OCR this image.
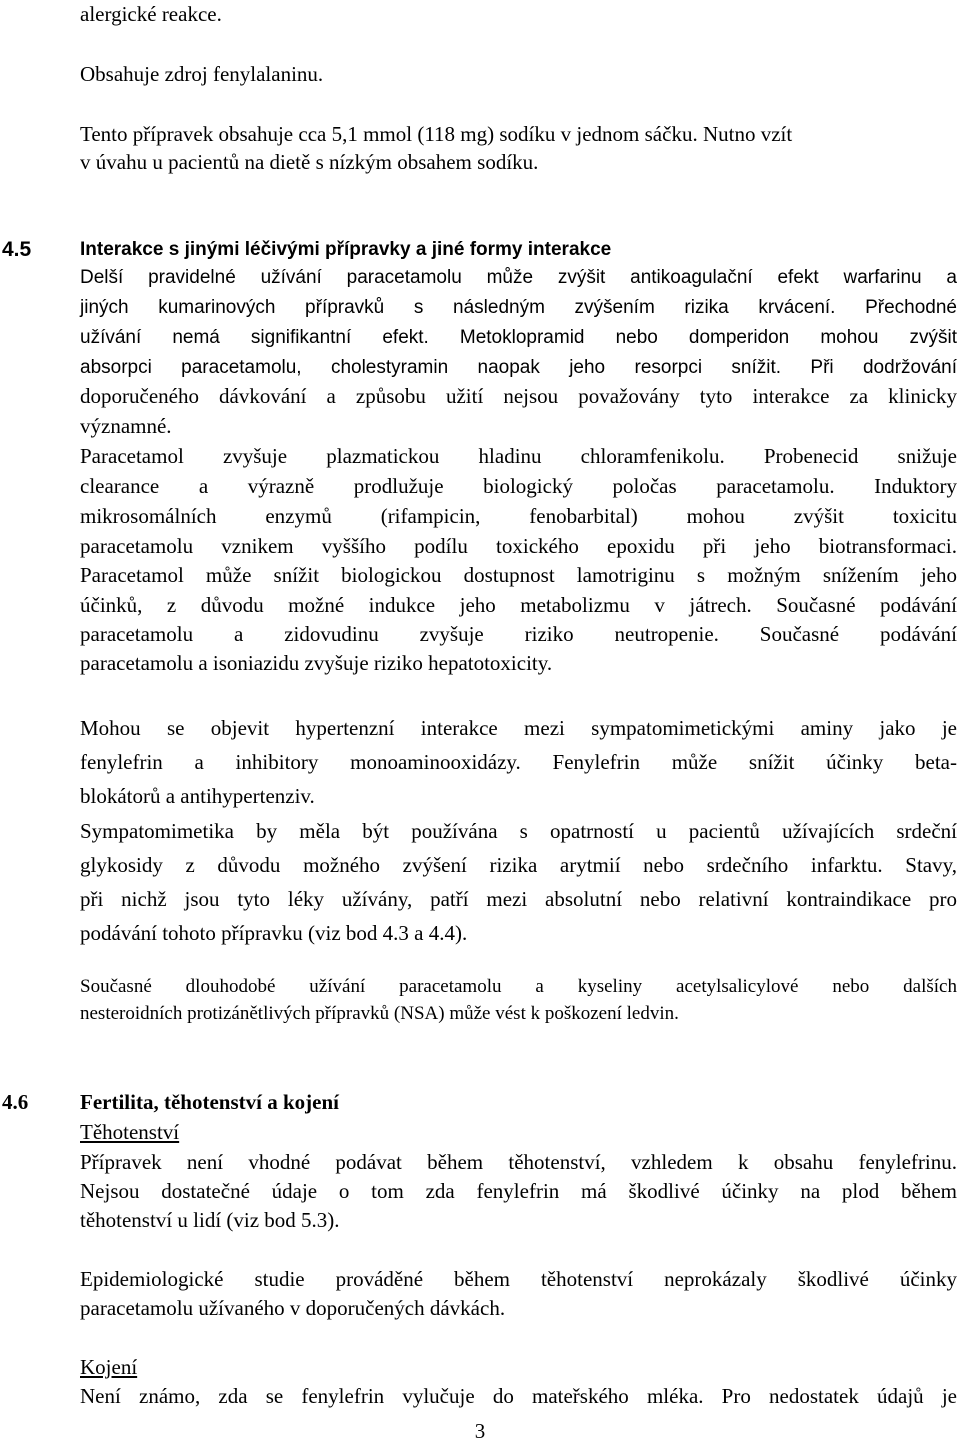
alergické reakce.
Obsahuje zdroj fenylalaninu.
Tento přípravek obsahuje cca 5,1 mmol (118 mg) sodíku v jednom sáčku. Nutno vzít
v úvahu u pacientů na dietě s nízkým obsahem sodíku.
4.5	Interakce s jinými léčivými přípravky a jiné formy interakce
Delší pravidelné užívání paracetamolu může zvýšit antikoagulační efekt warfarinu a
jiných kumarinových přípravků s následným zvýšením rizika krvácení. Přechodné
užívání nemá signifikantní efekt. Metoklopramid nebo domperidon mohou zvýšit
absorpci paracetamolu, cholestyramin naopak jeho resorpci snížit. Při dodržování
doporučeného dávkování a způsobu užití nejsou považovány tyto interakce za klinicky
významné.
Paracetamol zvyšuje plazmatickou hladinu chloramfenikolu. Probenecid snižuje
clearance a výrazně prodlužuje biologický poločas paracetamolu. Induktory
mikrosomálních enzymů (rifampicin, fenobarbital) mohou zvýšit toxicitu
paracetamolu vznikem vyššího podílu toxického epoxidu při jeho biotransformaci.
Paracetamol může snížit biologickou dostupnost lamotriginu s možným snížením jeho
účinků, z důvodu možné indukce jeho metabolizmu v játrech. Současné podávání
paracetamolu a zidovudinu zvyšuje riziko neutropenie. Současné podávání
paracetamolu a isoniazidu zvyšuje riziko hepatotoxicity.
Mohou se objevit hypertenzní interakce mezi sympatomimetickými aminy jako je
fenylefrin a inhibitory monoaminooxidázy. Fenylefrin může snížit účinky beta-
blokátorů a antihypertenziv.
Sympatomimetika by měla být používána s opatrností u pacientů užívajících srdeční
glykosidy z důvodu možného zvýšení rizika arytmií nebo srdečního infarktu. Stavy,
při nichž jsou tyto léky užívány, patří mezi absolutní nebo relativní kontraindikace pro
podávání tohoto přípravku (viz bod 4.3 a 4.4).
Současné dlouhodobé užívání paracetamolu a kyseliny acetylsalicylové nebo dalších
nesteroidních protizánětlivých přípravků (NSA) může vést k poškození ledvin.
4.6 Fertilita, těhotenství a kojení
Těhotenství
Přípravek není vhodné podávat během těhotenství, vzhledem k obsahu fenylefrinu.
Nejsou dostatečné údaje o tom zda fenylefrin má škodlivé účinky na plod během
těhotenství u lidí (viz bod 5.3).
Epidemiologické studie prováděné během těhotenství neprokázaly škodlivé účinky
paracetamolu užívaného v doporučených dávkách.
Kojení
Není známo, zda se fenylefrin vylučuje do mateřského mléka. Pro nedostatek údajů je
3
